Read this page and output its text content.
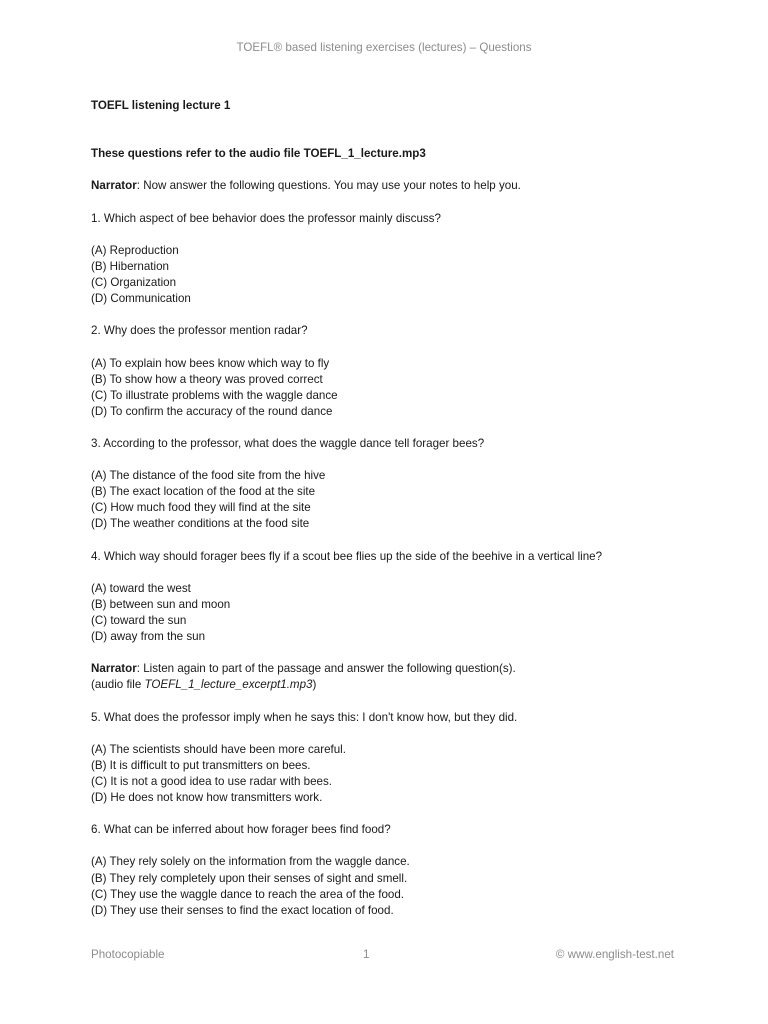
TOEFL® based listening exercises (lectures) – Questions
TOEFL listening lecture 1
These questions refer to the audio file TOEFL_1_lecture.mp3
Narrator: Now answer the following questions. You may use your notes to help you.
1. Which aspect of bee behavior does the professor mainly discuss?
(A) Reproduction
(B) Hibernation
(C) Organization
(D) Communication
2. Why does the professor mention radar?
(A) To explain how bees know which way to fly
(B) To show how a theory was proved correct
(C) To illustrate problems with the waggle dance
(D) To confirm the accuracy of the round dance
3. According to the professor, what does the waggle dance tell forager bees?
(A) The distance of the food site from the hive
(B) The exact location of the food at the site
(C) How much food they will find at the site
(D) The weather conditions at the food site
4. Which way should forager bees fly if a scout bee flies up the side of the beehive in a vertical line?
(A) toward the west
(B) between sun and moon
(C) toward the sun
(D) away from the sun
Narrator: Listen again to part of the passage and answer the following question(s).
(audio file TOEFL_1_lecture_excerpt1.mp3)
5. What does the professor imply when he says this: I don't know how, but they did.
(A) The scientists should have been more careful.
(B) It is difficult to put transmitters on bees.
(C) It is not a good idea to use radar with bees.
(D) He does not know how transmitters work.
6. What can be inferred about how forager bees find food?
(A) They rely solely on the information from the waggle dance.
(B) They rely completely upon their senses of sight and smell.
(C) They use the waggle dance to reach the area of the food.
(D) They use their senses to find the exact location of food.
Photocopiable	1	© www.english-test.net
